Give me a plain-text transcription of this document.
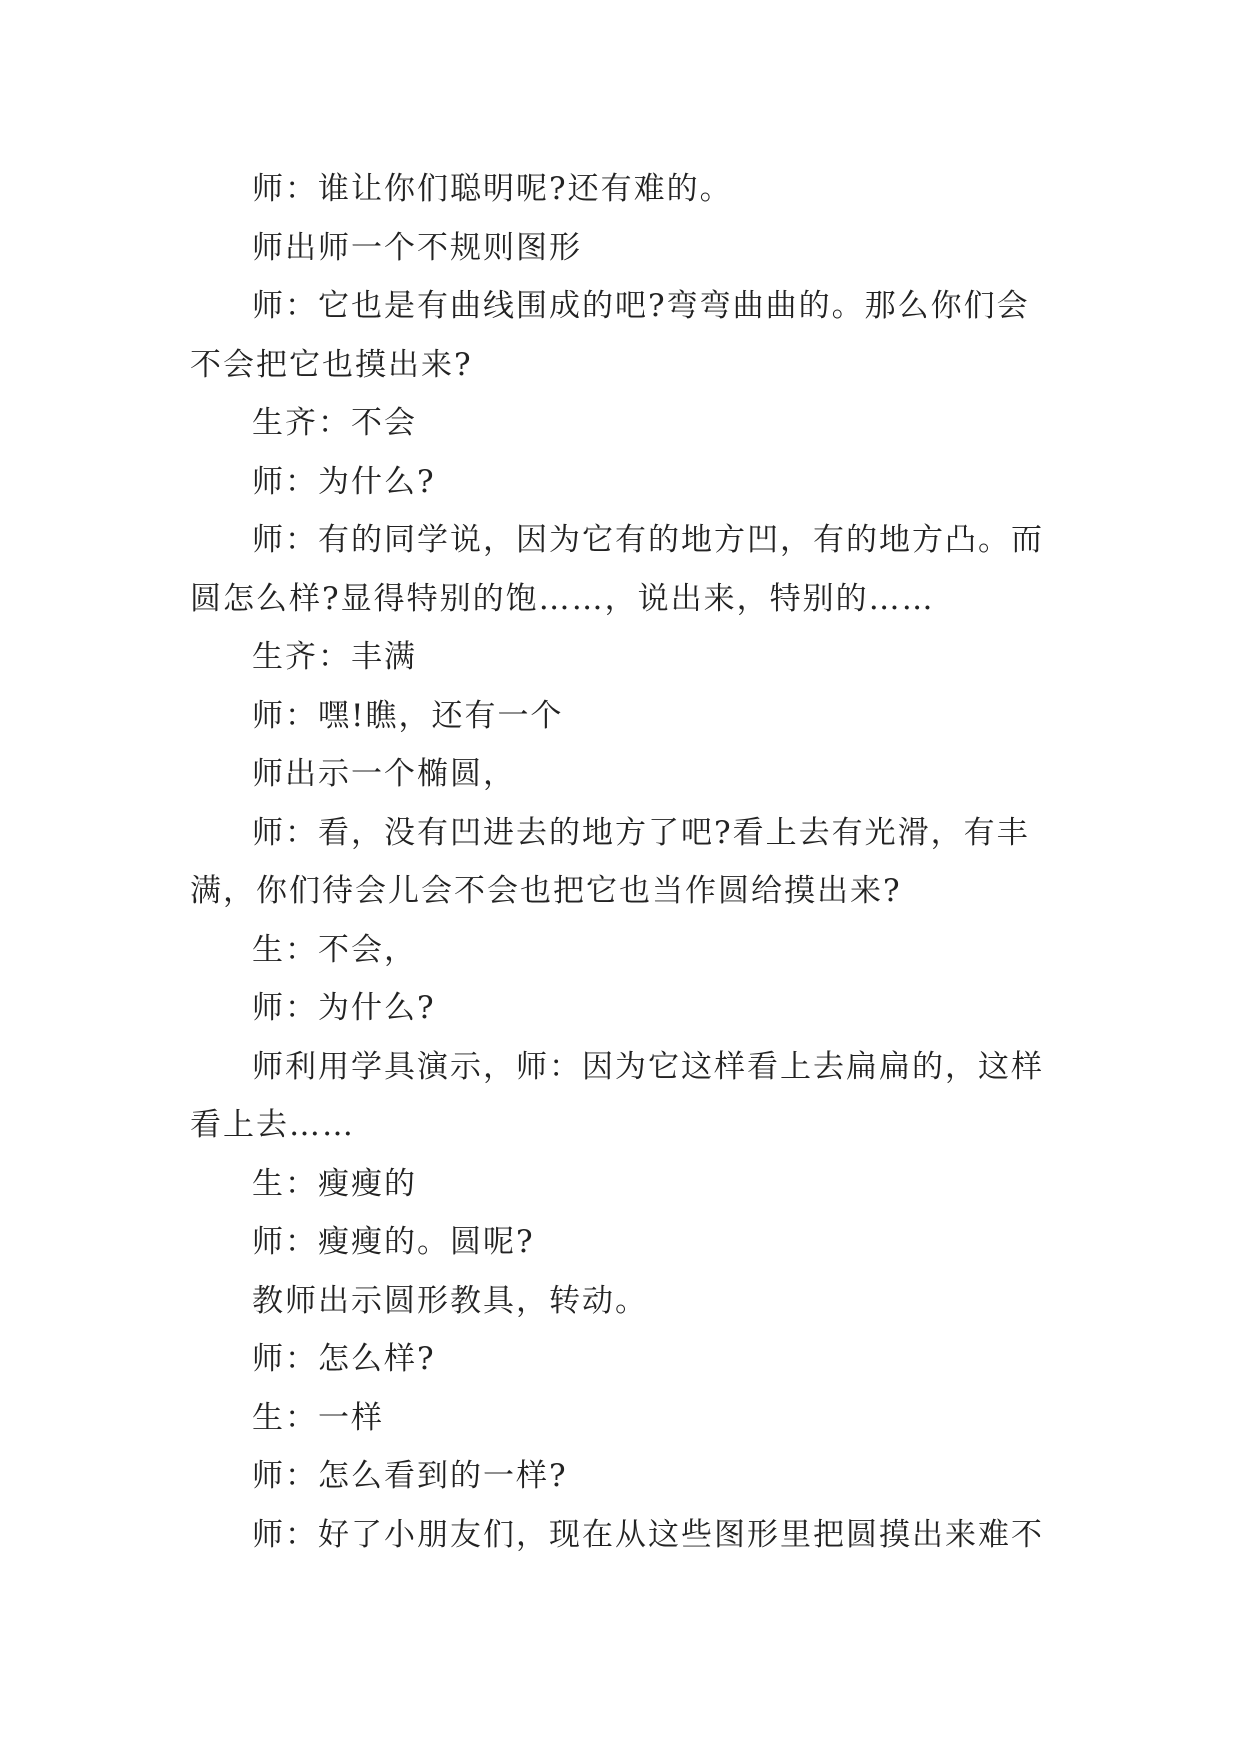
师：谁让你们聪明呢?还有难的。

师出师一个不规则图形

师：它也是有曲线围成的吧?弯弯曲曲的。那么你们会不会把它也摸出来?

生齐：不会

师：为什么?

师：有的同学说，因为它有的地方凹，有的地方凸。而圆怎么样?显得特别的饱……，说出来，特别的……

生齐：丰满

师：嘿!瞧，还有一个

师出示一个椭圆，

师：看，没有凹进去的地方了吧?看上去有光滑，有丰满，你们待会儿会不会也把它也当作圆给摸出来?

生：不会，

师：为什么?

师利用学具演示，师：因为它这样看上去扁扁的，这样看上去……

生：瘦瘦的

师：瘦瘦的。圆呢?

教师出示圆形教具，转动。

师：怎么样?

生：一样

师：怎么看到的一样?

师：好了小朋友们，现在从这些图形里把圆摸出来难不
